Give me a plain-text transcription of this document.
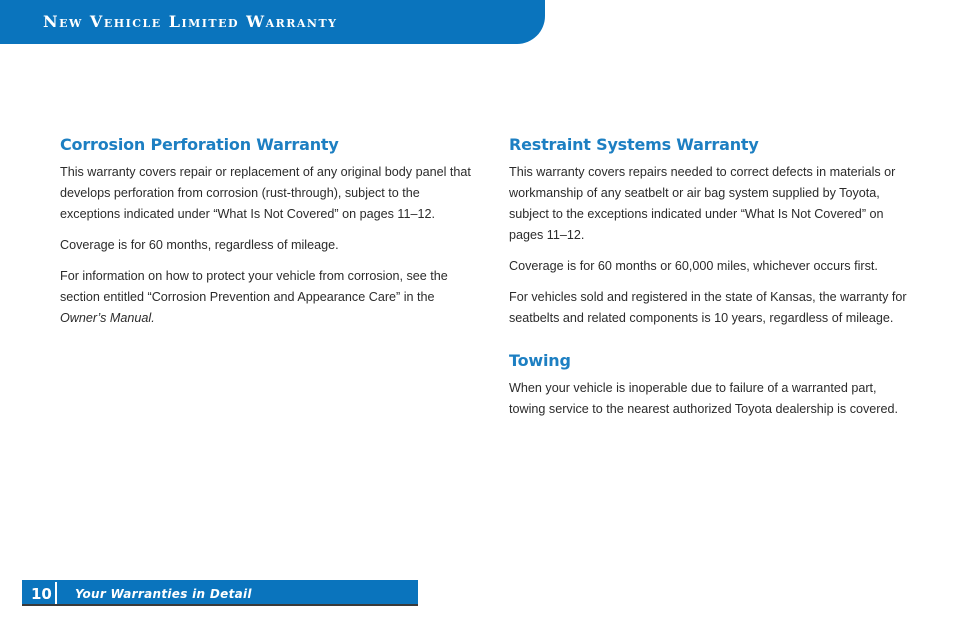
New Vehicle Limited Warranty
Corrosion Perforation Warranty

This warranty covers repair or replacement of any original body panel that develops perforation from corrosion (rust-through), subject to the exceptions indicated under “What Is Not Covered” on pages 11–12.

Coverage is for 60 months, regardless of mileage.

For information on how to protect your vehicle from corrosion, see the section entitled “Corrosion Prevention and Appearance Care” in the Owner’s Manual.

Restraint Systems Warranty

This warranty covers repairs needed to correct defects in materials or workmanship of any seatbelt or air bag system supplied by Toyota, subject to the exceptions indicated under “What Is Not Covered” on pages 11–12.

Coverage is for 60 months or 60,000 miles, whichever occurs first.

For vehicles sold and registered in the state of Kansas, the warranty for seatbelts and related components is 10 years, regardless of mileage.

Towing

When your vehicle is inoperable due to failure of a warranted part, towing service to the nearest authorized Toyota dealership is covered.

10 Your Warranties in Detail
